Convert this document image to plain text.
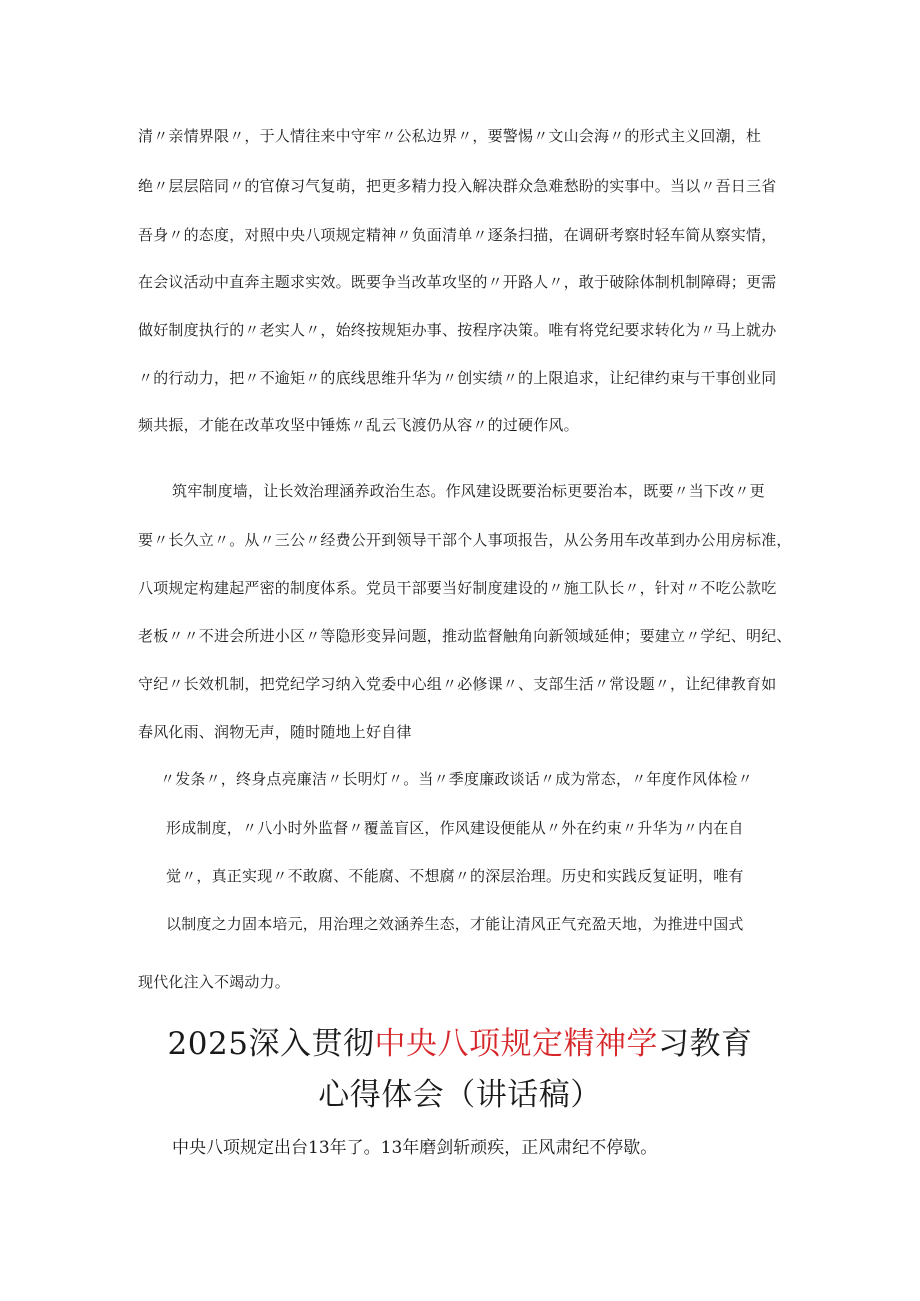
清〃亲情界限〃，于人情往来中守牢〃公私边界〃，要警惕〃文山会海〃的形式主义回潮，杜
绝〃层层陪同〃的官僚习气复萌，把更多精力投入解决群众急难愁盼的实事中。当以〃吾日三省
吾身〃的态度，对照中央八项规定精神〃负面清单〃逐条扫描，在调研考察时轻车简从察实情，
在会议活动中直奔主题求实效。既要争当改革攻坚的〃开路人〃，敢于破除体制机制障碍；更需
做好制度执行的〃老实人〃，始终按规矩办事、按程序决策。唯有将党纪要求转化为〃马上就办
〃的行动力，把〃不逾矩〃的底线思维升华为〃创实绩〃的上限追求，让纪律约束与干事创业同
频共振，才能在改革攻坚中锤炼〃乱云飞渡仍从容〃的过硬作风。
筑牢制度墙，让长效治理涵养政治生态。作风建设既要治标更要治本，既要〃当下改〃更
要〃长久立〃。从〃三公〃经费公开到领导干部个人事项报告，从公务用车改革到办公用房标准，
八项规定构建起严密的制度体系。党员干部要当好制度建设的〃施工队长〃，针对〃不吃公款吃
老板〃〃不进会所进小区〃等隐形变异问题，推动监督触角向新领域延伸；要建立〃学纪、明纪、
守纪〃长效机制，把党纪学习纳入党委中心组〃必修课〃、支部生活〃常设题〃，让纪律教育如
春风化雨、润物无声，随时随地上好自律
〃发条〃，终身点亮廉洁〃长明灯〃。当〃季度廉政谈话〃成为常态，〃年度作风体检〃
形成制度，〃八小时外监督〃覆盖盲区，作风建设便能从〃外在约束〃升华为〃内在自
觉〃，真正实现〃不敢腐、不能腐、不想腐〃的深层治理。历史和实践反复证明，唯有
以制度之力固本培元，用治理之效涵养生态，才能让清风正气充盈天地，为推进中国式
现代化注入不竭动力。
2025深入贯彻中央八项规定精神学习教育
心得体会（讲话稿）
中央八项规定出台13年了。13年磨剑斩顽疾，正风肃纪不停歇。
